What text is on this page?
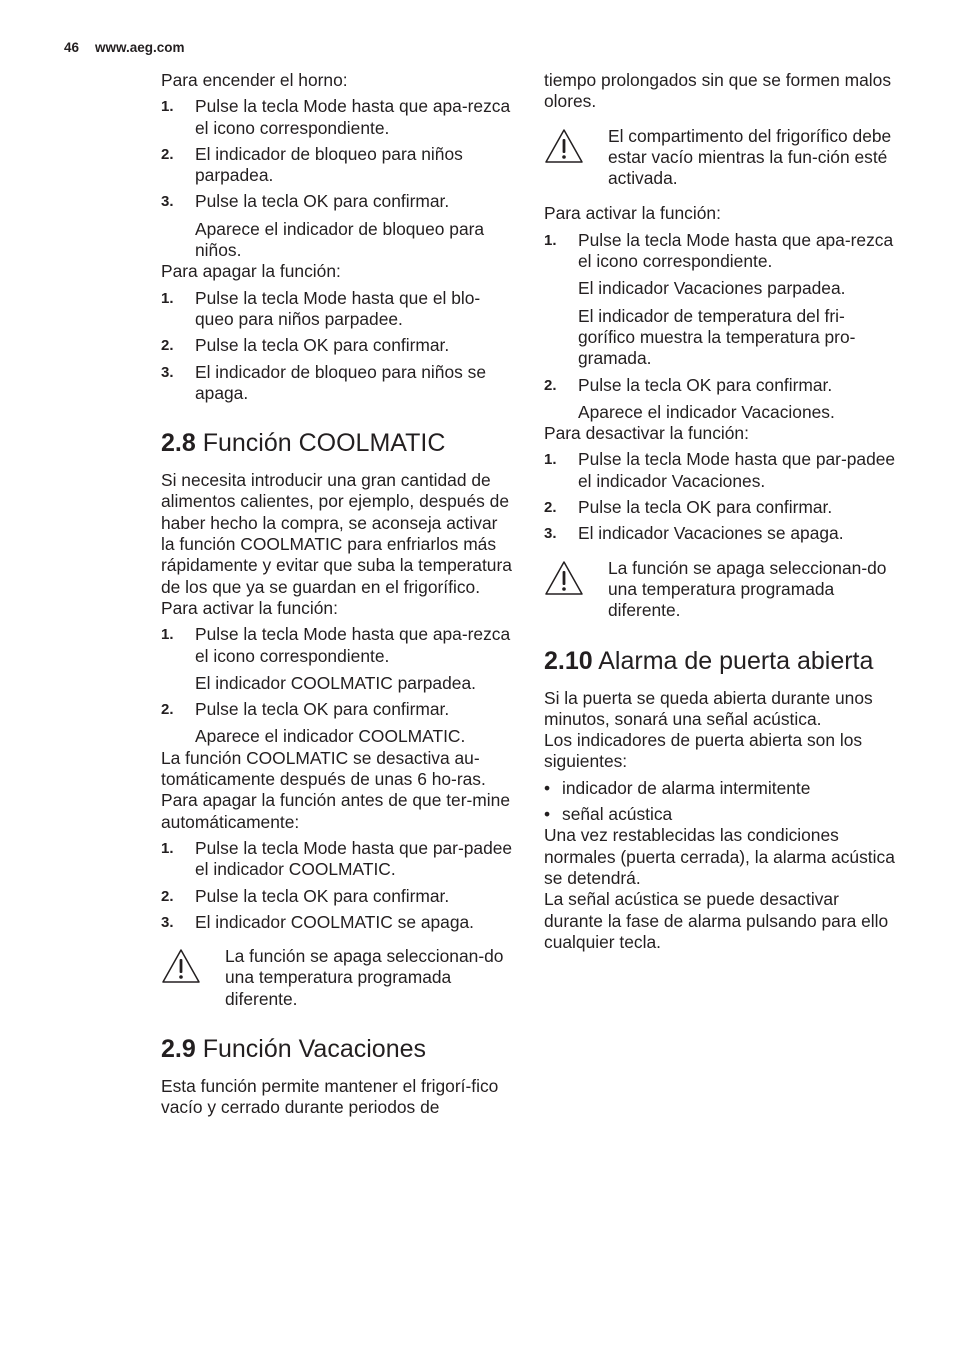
46 www.aeg.com

Para encender el horno:

1.	Pulse la tecla Mode hasta que apa-rezca el icono correspondiente.
2.	El indicador de bloqueo para niños parpadea.
3.	Pulse la tecla OK para confirmar.

Aparece el indicador de bloqueo para niños.

Para apagar la función:

1.	Pulse la tecla Mode hasta que el blo-queo para niños parpadee.
2.	Pulse la tecla OK para confirmar.
3.	El indicador de bloqueo para niños se apaga.
2.8 Función COOLMATIC

Si necesita introducir una gran cantidad de alimentos calientes, por ejemplo, después de haber hecho la compra, se aconseja activar la función COOLMATIC para enfriarlos más rápidamente y evitar que suba la temperatura de los que ya se guardan en el frigorífico.

Para activar la función:

1.	Pulse la tecla Mode hasta que apa-rezca el icono correspondiente.

El indicador COOLMATIC parpadea.

2.	Pulse la tecla OK para confirmar.

Aparece el indicador COOLMATIC.

La función COOLMATIC se desactiva au-tomáticamente después de unas 6 ho-ras.

Para apagar la función antes de que ter-mine automáticamente:

1.	Pulse la tecla Mode hasta que par-padee el indicador COOLMATIC.
2.	Pulse la tecla OK para confirmar.
3.	El indicador COOLMATIC se apaga.
La función se apaga seleccionan-do una temperatura programada diferente.
2.9 Función Vacaciones

Esta función permite mantener el frigorí-fico vacío y cerrado durante periodos de

tiempo prolongados sin que se formen malos olores.

El compartimento del frigorífico debe estar vacío mientras la fun-ción esté activada.

Para activar la función:

1.	Pulse la tecla Mode hasta que apa-rezca el icono correspondiente.

El indicador Vacaciones parpadea.

El indicador de temperatura del fri-gorífico muestra la temperatura pro-gramada.

2.	Pulse la tecla OK para confirmar.

Aparece el indicador Vacaciones.

Para desactivar la función:

1.	Pulse la tecla Mode hasta que par-padee el indicador Vacaciones.
2.	Pulse la tecla OK para confirmar.
3.	El indicador Vacaciones se apaga.
La función se apaga seleccionan-do una temperatura programada diferente.
2.10 Alarma de puerta abierta

Si la puerta se queda abierta durante unos minutos, sonará una señal acústica.

Los indicadores de puerta abierta son los siguientes:

• indicador de alarma intermitente
• señal acústica

Una vez restablecidas las condiciones normales (puerta cerrada), la alarma acústica se detendrá.

La señal acústica se puede desactivar durante la fase de alarma pulsando para ello cualquier tecla.
